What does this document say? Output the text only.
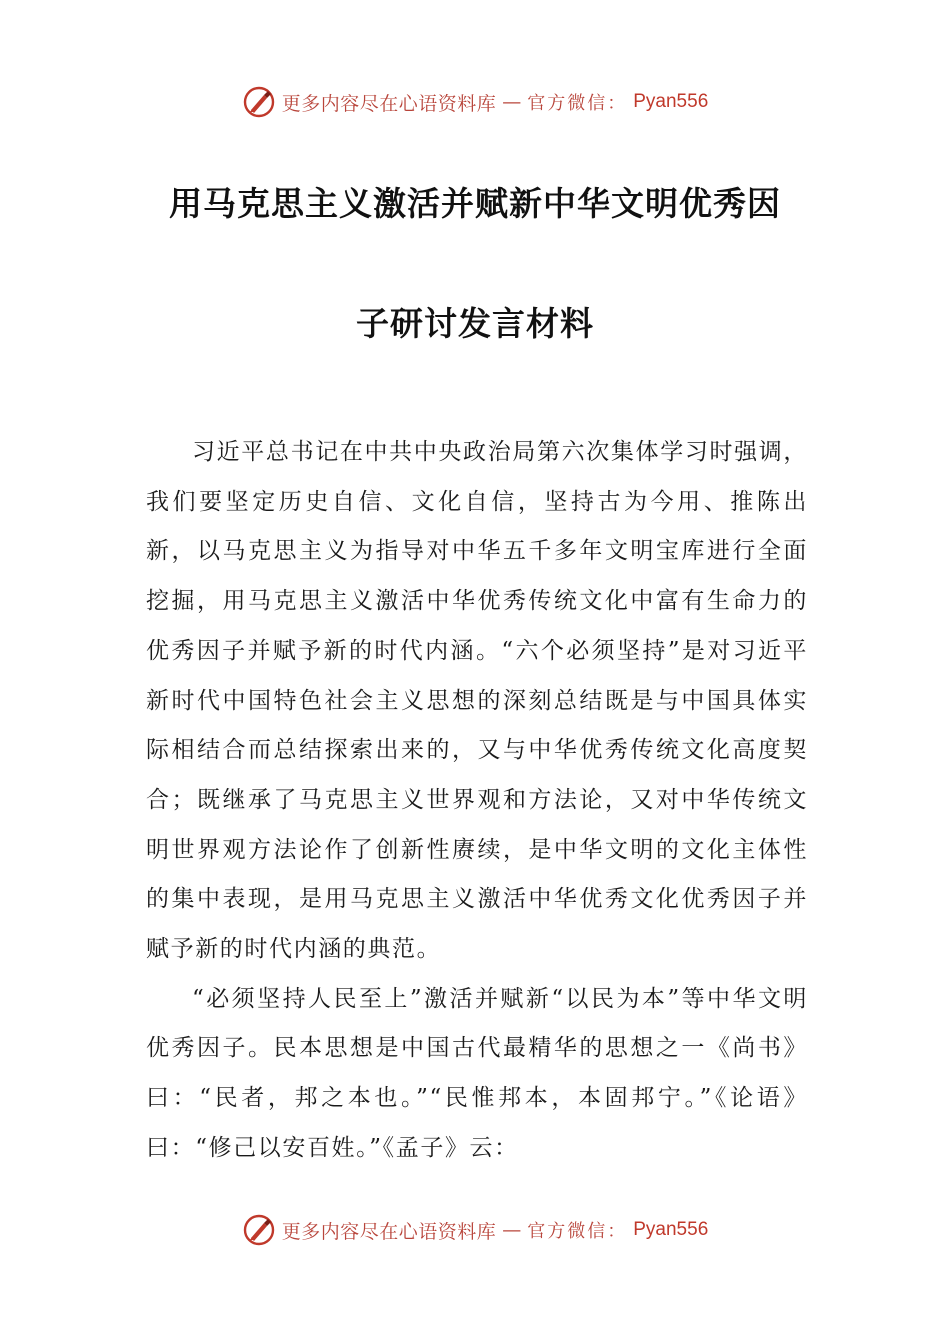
更多内容尽在心语资料库 — 官方微信： Pyan556
用马克思主义激活并赋新中华文明优秀因
子研讨发言材料

习近平总书记在中共中央政治局第六次集体学习时强调，我们要坚定历史自信、文化自信，坚持古为今用、推陈出新，以马克思主义为指导对中华五千多年文明宝库进行全面挖掘，用马克思主义激活中华优秀传统文化中富有生命力的优秀因子并赋予新的时代内涵。“六个必须坚持”是对习近平新时代中国特色社会主义思想的深刻总结既是与中国具体实际相结合而总结探索出来的，又与中华优秀传统文化高度契合；既继承了马克思主义世界观和方法论，又对中华传统文明世界观方法论作了创新性赓续，是中华文明的文化主体性的集中表现，是用马克思主义激活中华优秀文化优秀因子并赋予新的时代内涵的典范。

“必须坚持人民至上”激活并赋新“以民为本”等中华文明优秀因子。民本思想是中国古代最精华的思想之一《尚书》曰：“民者，邦之本也。”“民惟邦本，本固邦宁。”《论语》曰：“修己以安百姓。”《孟子》云：

更多内容尽在心语资料库 — 官方微信： Pyan556
